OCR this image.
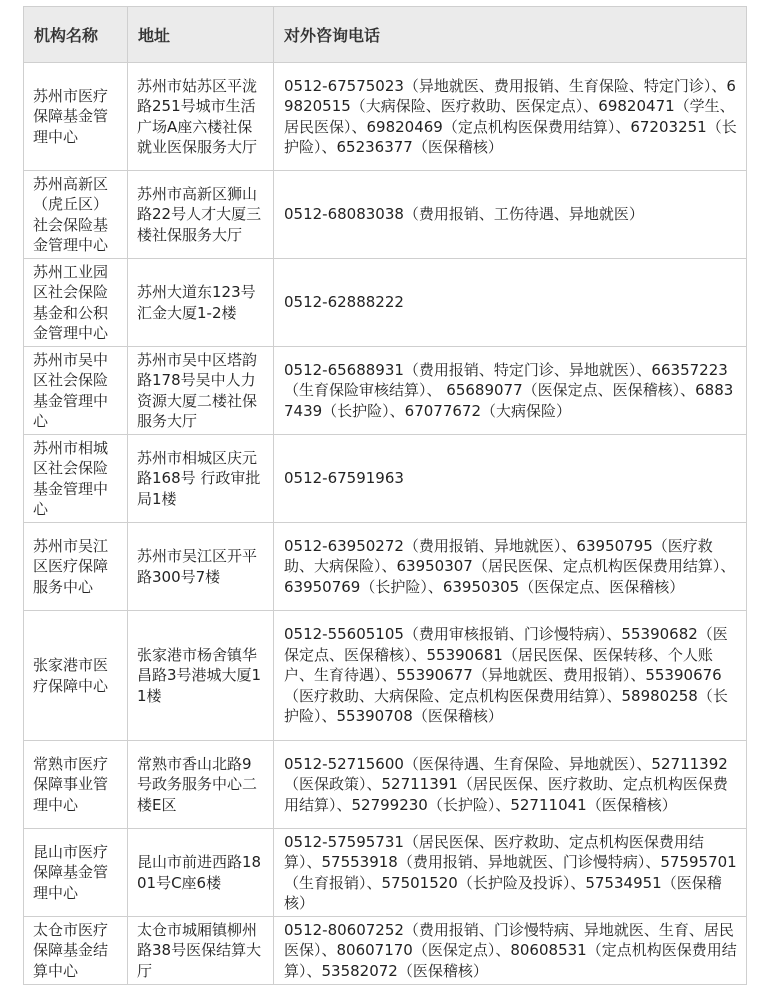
机构名称	地址	对外咨询电话
苏州市医疗保障基金管理中心	苏州市姑苏区平泷路251号城市生活广场A座六楼社保就业医保服务大厅	0512-67575023（异地就医、费用报销、生育保险、特定门诊）、69820515（大病保险、医疗救助、医保定点）、69820471（学生、居民医保）、69820469（定点机构医保费用结算）、67203251（长护险）、65236377（医保稽核）
苏州高新区（虎丘区）社会保险基金管理中心	苏州市高新区狮山路22号人才大厦三楼社保服务大厅	0512-68083038（费用报销、工伤待遇、异地就医）
苏州工业园区社会保险基金和公积金管理中心	苏州大道东123号汇金大厦1-2楼	0512-62888222
苏州市吴中区社会保险基金管理中心	苏州市吴中区塔韵路178号吴中人力资源大厦二楼社保服务大厅	0512-65688931（费用报销、特定门诊、异地就医）、66357223（生育保险审核结算）、 65689077（医保定点、医保稽核）、68837439（长护险）、67077672（大病保险）
苏州市相城区社会保险基金管理中心	苏州市相城区庆元路168号 行政审批局1楼	0512-67591963
苏州市吴江区医疗保障服务中心	苏州市吴江区开平路300号7楼	0512-63950272（费用报销、异地就医）、63950795（医疗救助、大病保险）、63950307（居民医保、定点机构医保费用结算）、63950769（长护险）、63950305（医保定点、医保稽核）
张家港市医疗保障中心	张家港市杨舍镇华昌路3号港城大厦11楼	0512-55605105（费用审核报销、门诊慢特病）、55390682（医保定点、医保稽核）、55390681（居民医保、医保转移、个人账户、生育待遇）、55390677（异地就医、费用报销）、55390676（医疗救助、大病保险、定点机构医保费用结算）、58980258（长护险）、55390708（医保稽核）
常熟市医疗保障事业管理中心	常熟市香山北路9号政务服务中心二楼E区	0512-52715600（医保待遇、生育保险、异地就医）、52711392（医保政策）、52711391（居民医保、医疗救助、定点机构医保费用结算）、52799230（长护险）、52711041（医保稽核）
昆山市医疗保障基金管理中心	昆山市前进西路1801号C座6楼	0512-57595731（居民医保、医疗救助、定点机构医保费用结算）、57553918（费用报销、异地就医、门诊慢特病）、57595701（生育报销）、57501520（长护险及投诉）、57534951（医保稽核）
太仓市医疗保障基金结算中心	太仓市城厢镇柳州路38号医保结算大厅	0512-80607252（费用报销、门诊慢特病、异地就医、生育、居民医保）、80607170（医保定点）、80608531（定点机构医保费用结算）、53582072（医保稽核）
